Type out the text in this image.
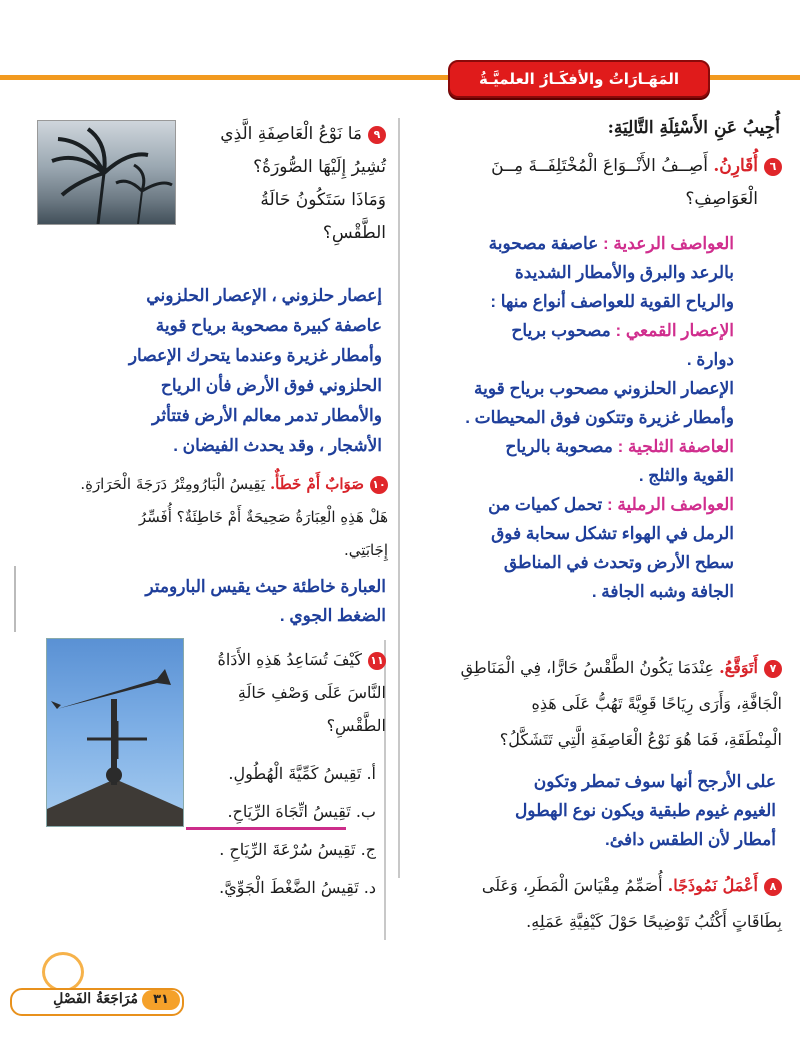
المَهَـارَاتُ والأفكَـارُ العلميَّـةُ
أُجِيبُ عَنِ الأَسْئِلَةِ التَّالِيَةِ:
٦أُقَارِنُ. أَصِــفُ الأَنْــوَاعَ الْمُخْتَلِفَــةَ مِــنَ
الْعَوَاصِفِ؟
العواصف الرعدية : عاصفة مصحوبة
بالرعد والبرق والأمطار الشديدة
والرياح القوية للعواصف أنواع منها :
الإعصار القمعي : مصحوب برياح
دوارة .
الإعصار الحلزوني مصحوب برياح قوية
وأمطار غزيرة وتتكون فوق المحيطات .
العاصفة الثلجية : مصحوبة بالرياح
القوية والثلج .
العواصف الرملية : تحمل كميات من
الرمل في الهواء تشكل سحابة فوق
سطح الأرض وتحدث في المناطق
الجافة وشبه الجافة .
٧أَتَوَقَّعُ. عِنْدَمَا يَكُونُ الطَّقْسُ حَارًّا، فِي الْمَنَاطِقِ
الْجَافَّةِ، وَأَرَى رِيَاحًا قَوِيَّةً تَهُبُّ عَلَى هَذِهِ
الْمِنْطَقَةِ، فَمَا هُوَ نَوْعُ الْعَاصِفَةِ الَّتِي تَتَشَكَّلُ؟
على الأرجح أنها سوف تمطر وتكون
الغيوم غيوم طبقية ويكون نوع الهطول
أمطار لأن الطقس دافئ.
٨أَعْمَلُ نَمُوذَجًا. أُصَمِّمُ مِقْيَاسَ الْمَطَرِ، وَعَلَى
بِطَاقَاتٍ أَكْتُبُ تَوْضِيحًا حَوْلَ كَيْفِيَّةِ عَمَلِهِ.
٩مَا نَوْعُ الْعَاصِفَةِ الَّذِي
تُشِيرُ إِلَيْهَا الصُّورَةُ؟
وَمَاذَا سَتَكُونُ حَالَةُ
الطَّقْسِ؟
إعصار حلزوني ، الإعصار الحلزوني
عاصفة كبيرة مصحوبة برياح قوية
وأمطار غزيرة وعندما يتحرك الإعصار
الحلزوني فوق الأرض فأن الرياح
والأمطار تدمر معالم الأرض فتتأثر
الأشجار ، وقد يحدث الفيضان .
١٠صَوَابٌ أَمْ خَطَأٌ. يَقِيسُ الْبَارُومِتْرُ دَرَجَةَ الْحَرَارَةِ.
هَلْ هَذِهِ الْعِبَارَةُ صَحِيحَةٌ أَمْ خَاطِئَةٌ؟ أُفَسِّرُ
إِجَابَتِي.
العبارة خاطئة حيث يقيس البارومتر
الضغط الجوي .
١١كَيْفَ تُسَاعِدُ هَذِهِ الأَدَاةُ
النَّاسَ عَلَى وَصْفِ حَالَةِ
الطَّقْسِ؟
أ. تَقِيسُ كَمِّيَّةَ الْهُطُولِ.
ب. تَقِيسُ اتِّجَاهَ الرِّيَاحِ.
ج. تَقِيسُ سُرْعَةَ الرِّيَاحِ .
د. تَقِيسُ الضَّغْطَ الْجَوِّيَّ.
٣١
مُرَاجَعَةُ الفَصْلِ
